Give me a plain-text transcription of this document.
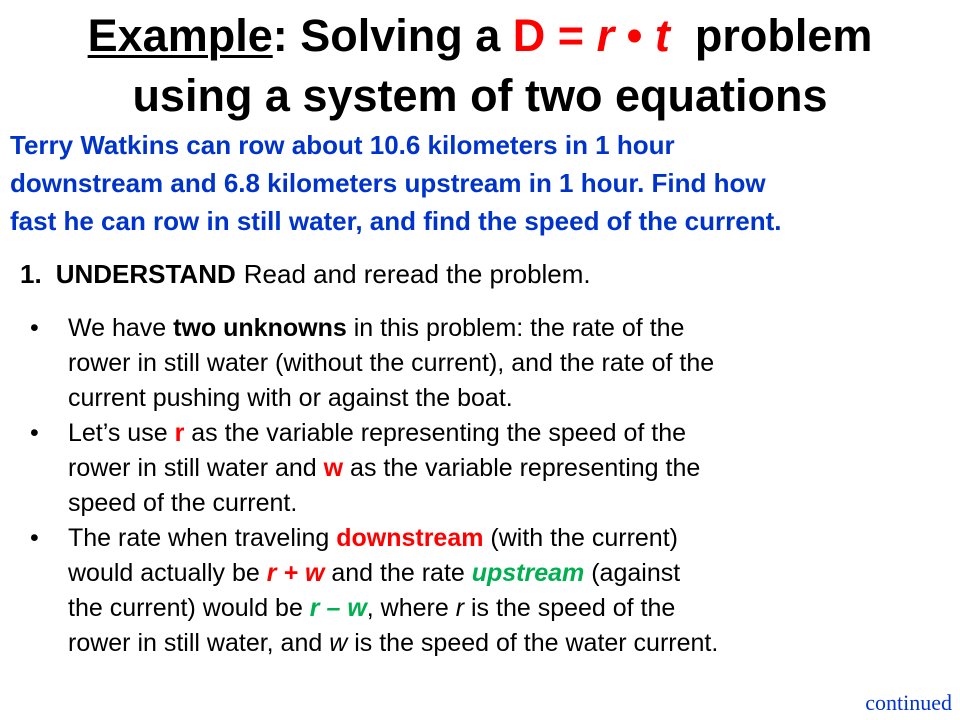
Example: Solving a D = r • t  problem
using a system of two equations

Terry Watkins can row about 10.6 kilometers in 1 hour
downstream and 6.8 kilometers upstream in 1 hour. Find how
fast he can row in still water, and find the speed of the current.

1. UNDERSTAND Read and reread the problem.
• We have two unknowns in this problem: the rate of the
rower in still water (without the current), and the rate of the
current pushing with or against the boat.
• Let’s use r as the variable representing the speed of the
rower in still water and w as the variable representing the
speed of the current.
• The rate when traveling downstream (with the current)
would actually be r + w and the rate upstream (against
the current) would be r – w, where r is the speed of the
rower in still water, and w is the speed of the water current.
continued
